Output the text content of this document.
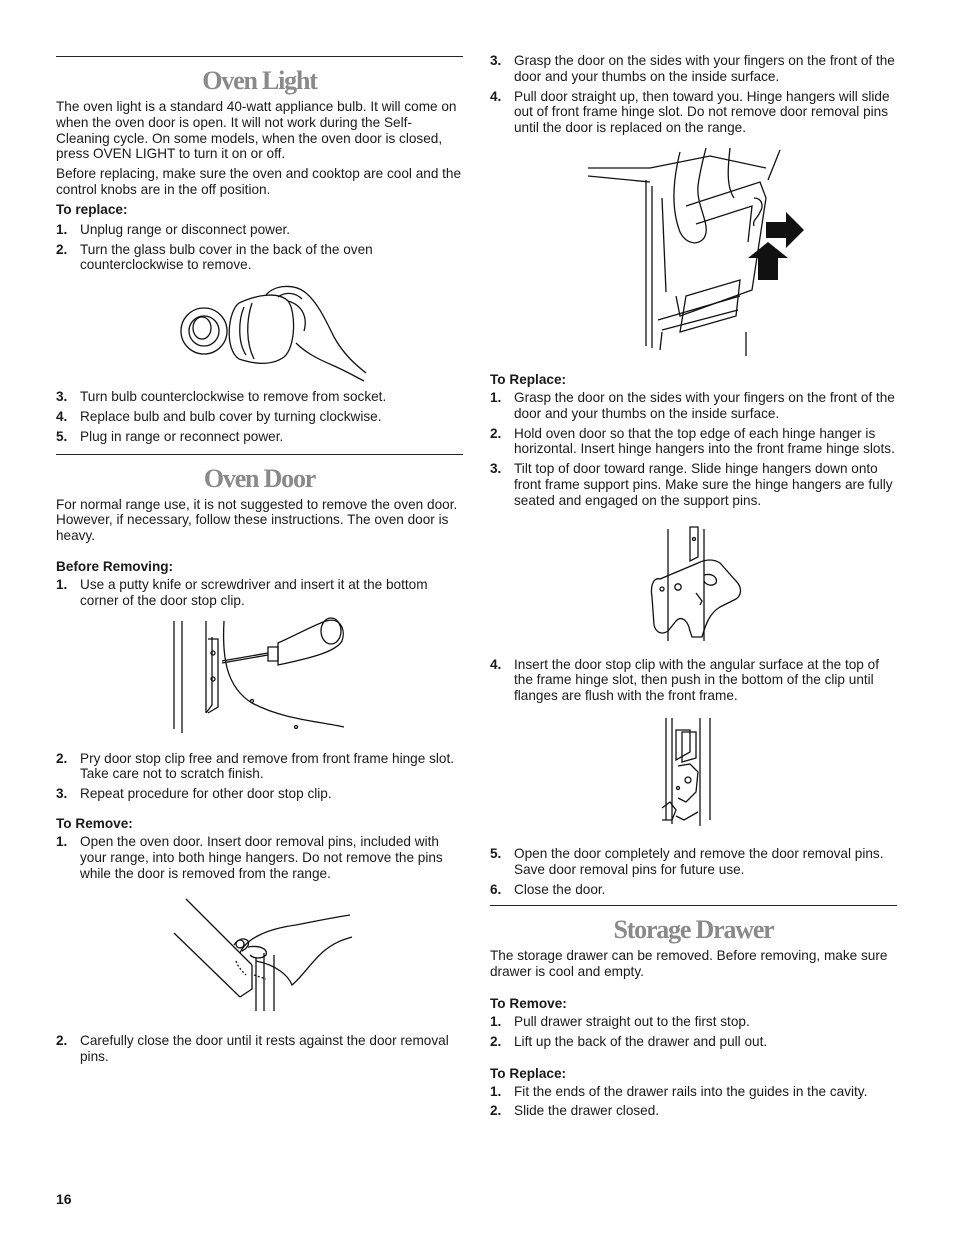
Oven Light

The oven light is a standard 40-watt appliance bulb. It will come on when the oven door is open. It will not work during the Self-Cleaning cycle. On some models, when the oven door is closed, press OVEN LIGHT to turn it on or off.

Before replacing, make sure the oven and cooktop are cool and the control knobs are in the off position.

To replace:
1. Unplug range or disconnect power.
2. Turn the glass bulb cover in the back of the oven counterclockwise to remove.
3. Turn bulb counterclockwise to remove from socket.
4. Replace bulb and bulb cover by turning clockwise.
5. Plug in range or reconnect power.
Oven Door

For normal range use, it is not suggested to remove the oven door. However, if necessary, follow these instructions. The oven door is heavy.

Before Removing:
1. Use a putty knife or screwdriver and insert it at the bottom corner of the door stop clip.
2. Pry door stop clip free and remove from front frame hinge slot. Take care not to scratch finish.
3. Repeat procedure for other door stop clip.
To Remove:
1. Open the oven door. Insert door removal pins, included with your range, into both hinge hangers. Do not remove the pins while the door is removed from the range.
2. Carefully close the door until it rests against the door removal pins.
3. Grasp the door on the sides with your fingers on the front of the door and your thumbs on the inside surface.
4. Pull door straight up, then toward you. Hinge hangers will slide out of front frame hinge slot. Do not remove door removal pins until the door is replaced on the range.
To Replace:
1. Grasp the door on the sides with your fingers on the front of the door and your thumbs on the inside surface.
2. Hold oven door so that the top edge of each hinge hanger is horizontal. Insert hinge hangers into the front frame hinge slots.
3. Tilt top of door toward range. Slide hinge hangers down onto front frame support pins. Make sure the hinge hangers are fully seated and engaged on the support pins.
4. Insert the door stop clip with the angular surface at the top of the frame hinge slot, then push in the bottom of the clip until flanges are flush with the front frame.
5. Open the door completely and remove the door removal pins. Save door removal pins for future use.
6. Close the door.
Storage Drawer

The storage drawer can be removed. Before removing, make sure drawer is cool and empty.

To Remove:
1. Pull drawer straight out to the first stop.
2. Lift up the back of the drawer and pull out.
To Replace:
1. Fit the ends of the drawer rails into the guides in the cavity.
2. Slide the drawer closed.
16
